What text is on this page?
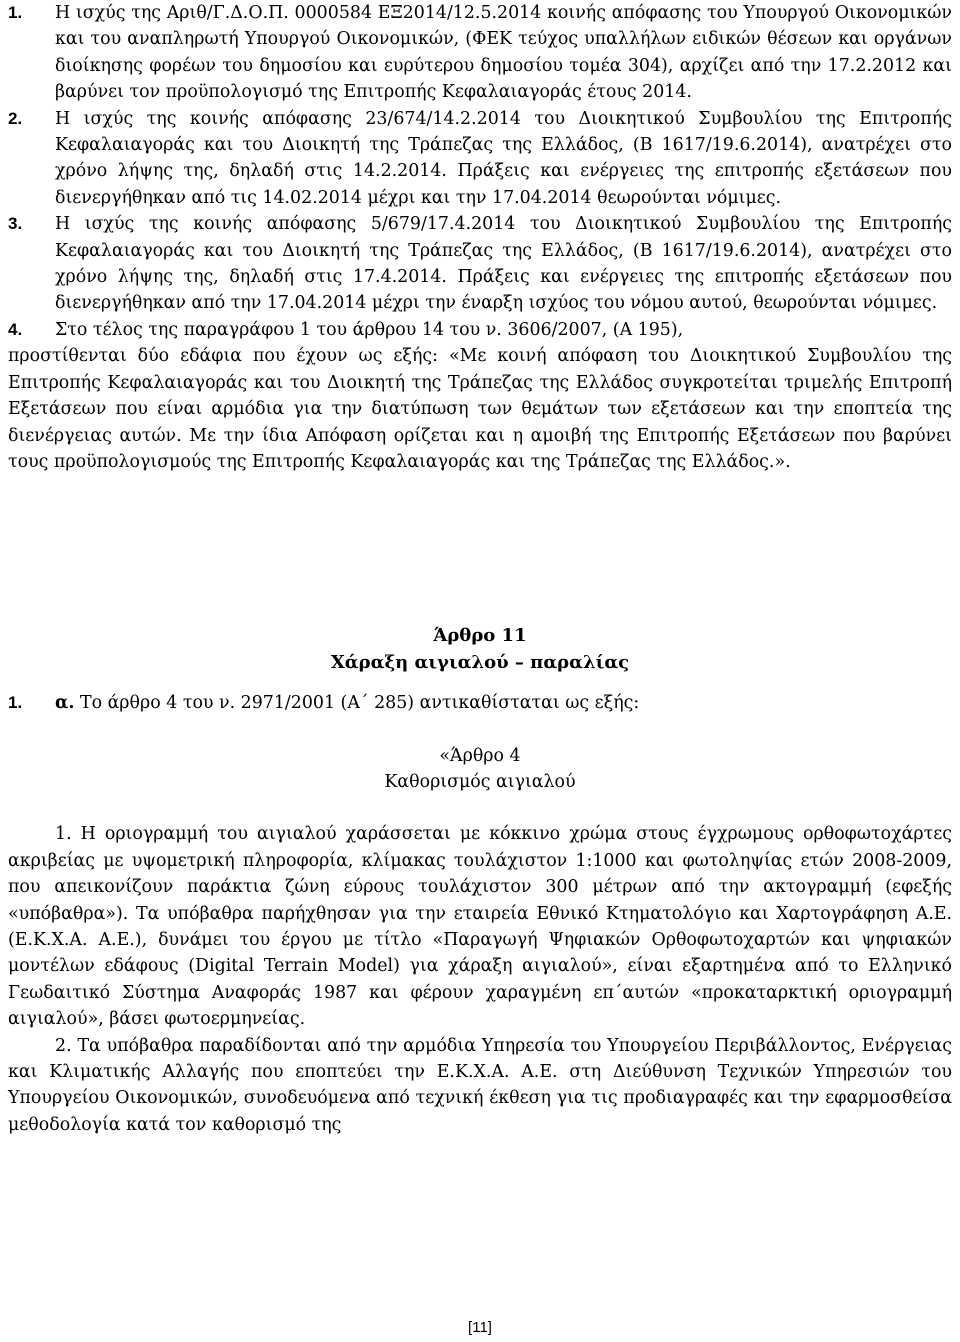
1. Η ισχύς της Αριθ/Γ.Δ.Ο.Π. 0000584 ΕΞ2014/12.5.2014 κοινής απόφασης του Υπουργού Οικονομικών και του αναπληρωτή Υπουργού Οικονομικών, (ΦΕΚ τεύχος υπαλλήλων ειδικών θέσεων και οργάνων διοίκησης φορέων του δημοσίου και ευρύτερου δημοσίου τομέα 304), αρχίζει από την 17.2.2012 και βαρύνει τον προϋπολογισμό της Επιτροπής Κεφαλαιαγοράς έτους 2014.
2. Η ισχύς της κοινής απόφασης 23/674/14.2.2014 του Διοικητικού Συμβουλίου της Επιτροπής Κεφαλαιαγοράς και του Διοικητή της Τράπεζας της Ελλάδος, (Β 1617/19.6.2014), ανατρέχει στο χρόνο λήψης της, δηλαδή στις 14.2.2014. Πράξεις και ενέργειες της επιτροπής εξετάσεων που διενεργήθηκαν από τις 14.02.2014 μέχρι και την 17.04.2014 θεωρούνται νόμιμες.
3. Η ισχύς της κοινής απόφασης 5/679/17.4.2014 του Διοικητικού Συμβουλίου της Επιτροπής Κεφαλαιαγοράς και του Διοικητή της Τράπεζας της Ελλάδος, (Β 1617/19.6.2014), ανατρέχει στο χρόνο λήψης της, δηλαδή στις 17.4.2014. Πράξεις και ενέργειες της επιτροπής εξετάσεων που διενεργήθηκαν από την 17.04.2014 μέχρι την έναρξη ισχύος του νόμου αυτού, θεωρούνται νόμιμες.
4. Στο τέλος της παραγράφου 1 του άρθρου 14 του ν. 3606/2007, (Α 195),
προστίθενται δύο εδάφια που έχουν ως εξής: «Με κοινή απόφαση του Διοικητικού Συμβουλίου της Επιτροπής Κεφαλαιαγοράς και του Διοικητή της Τράπεζας της Ελλάδος συγκροτείται τριμελής Επιτροπή Εξετάσεων που είναι αρμόδια για την διατύπωση των θεμάτων των εξετάσεων και την εποπτεία της διενέργειας αυτών. Με την ίδια Απόφαση ορίζεται και η αμοιβή της Επιτροπής Εξετάσεων που βαρύνει τους προϋπολογισμούς της Επιτροπής Κεφαλαιαγοράς και της Τράπεζας της Ελλάδος.».
Άρθρο 11
Χάραξη αιγιαλού – παραλίας
1. α. Το άρθρο 4 του ν. 2971/2001 (Α΄ 285) αντικαθίσταται ως εξής:
«Άρθρο 4
Καθορισμός αιγιαλού
1. Η οριογραμμή του αιγιαλού χαράσσεται με κόκκινο χρώμα στους έγχρωμους ορθοφωτοχάρτες ακριβείας με υψομετρική πληροφορία, κλίμακας τουλάχιστον 1:1000 και φωτοληψίας ετών 2008-2009, που απεικονίζουν παράκτια ζώνη εύρους τουλάχιστον 300 μέτρων από την ακτογραμμή (εφεξής «υπόβαθρα»). Τα υπόβαθρα παρήχθησαν για την εταιρεία Εθνικό Κτηματολόγιο και Χαρτογράφηση Α.Ε. (Ε.Κ.Χ.Α. Α.Ε.), δυνάμει του έργου με τίτλο «Παραγωγή Ψηφιακών Ορθοφωτοχαρτών και ψηφιακών μοντέλων εδάφους (Digital Terrain Model) για χάραξη αιγιαλού», είναι εξαρτημένα από το Ελληνικό Γεωδαιτικό Σύστημα Αναφοράς 1987 και φέρουν χαραγμένη επ΄αυτών «προκαταρκτική οριογραμμή αιγιαλού», βάσει φωτοερμηνείας.
2. Τα υπόβαθρα παραδίδονται από την αρμόδια Υπηρεσία του Υπουργείου Περιβάλλοντος, Ενέργειας και Κλιματικής Αλλαγής που εποπτεύει την Ε.Κ.Χ.Α. Α.Ε. στη Διεύθυνση Τεχνικών Υπηρεσιών του Υπουργείου Οικονομικών, συνοδευόμενα από τεχνική έκθεση για τις προδιαγραφές και την εφαρμοσθείσα μεθοδολογία κατά τον καθορισμό της
[11]
